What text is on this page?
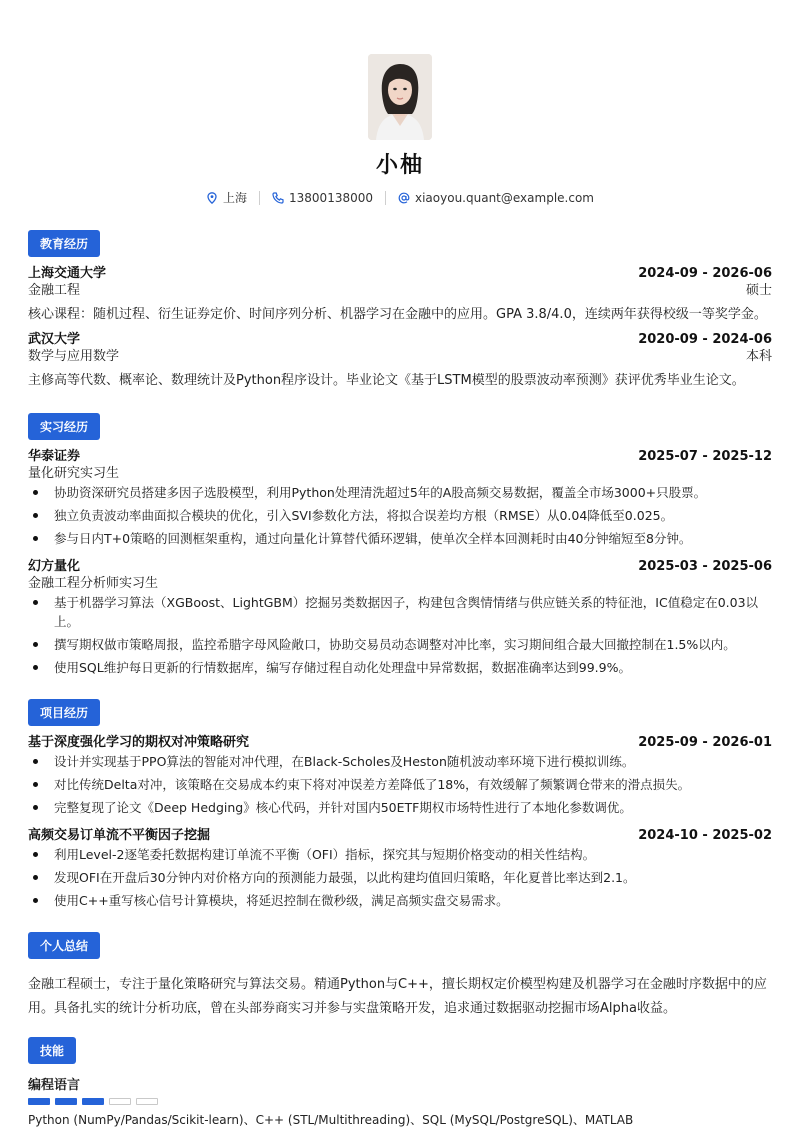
小柚
上海	13800138000	xiaoyou.quant@example.com
教育经历
上海交通大学	2024-09 - 2026-06
金融工程	硕士
核心课程：随机过程、衍生证券定价、时间序列分析、机器学习在金融中的应用。GPA 3.8/4.0，连续两年获得校级一等奖学金。
武汉大学	2020-09 - 2024-06
数学与应用数学	本科
主修高等代数、概率论、数理统计及Python程序设计。毕业论文《基于LSTM模型的股票波动率预测》获评优秀毕业生论文。
实习经历
华泰证券	2025-07 - 2025-12
量化研究实习生
协助资深研究员搭建多因子选股模型，利用Python处理清洗超过5年的A股高频交易数据，覆盖全市场3000+只股票。
独立负责波动率曲面拟合模块的优化，引入SVI参数化方法，将拟合误差均方根（RMSE）从0.04降低至0.025。
参与日内T+0策略的回测框架重构，通过向量化计算替代循环逻辑，使单次全样本回测耗时由40分钟缩短至8分钟。
幻方量化	2025-03 - 2025-06
金融工程分析师实习生
基于机器学习算法（XGBoost、LightGBM）挖掘另类数据因子，构建包含舆情情绪与供应链关系的特征池，IC值稳定在0.03以上。
撰写期权做市策略周报，监控希腊字母风险敞口，协助交易员动态调整对冲比率，实习期间组合最大回撤控制在1.5%以内。
使用SQL维护每日更新的行情数据库，编写存储过程自动化处理盘中异常数据，数据准确率达到99.9%。
项目经历
基于深度强化学习的期权对冲策略研究	2025-09 - 2026-01
设计并实现基于PPO算法的智能对冲代理，在Black-Scholes及Heston随机波动率环境下进行模拟训练。
对比传统Delta对冲，该策略在交易成本约束下将对冲误差方差降低了18%，有效缓解了频繁调仓带来的滑点损失。
完整复现了论文《Deep Hedging》核心代码，并针对国内50ETF期权市场特性进行了本地化参数调优。
高频交易订单流不平衡因子挖掘	2024-10 - 2025-02
利用Level-2逐笔委托数据构建订单流不平衡（OFI）指标，探究其与短期价格变动的相关性结构。
发现OFI在开盘后30分钟内对价格方向的预测能力最强，以此构建均值回归策略，年化夏普比率达到2.1。
使用C++重写核心信号计算模块，将延迟控制在微秒级，满足高频实盘交易需求。
个人总结
金融工程硕士，专注于量化策略研究与算法交易。精通Python与C++，擅长期权定价模型构建及机器学习在金融时序数据中的应用。具备扎实的统计分析功底，曾在头部券商实习并参与实盘策略开发，追求通过数据驱动挖掘市场Alpha收益。
技能
编程语言
Python (NumPy/Pandas/Scikit-learn)、C++ (STL/Multithreading)、SQL (MySQL/PostgreSQL)、MATLAB
